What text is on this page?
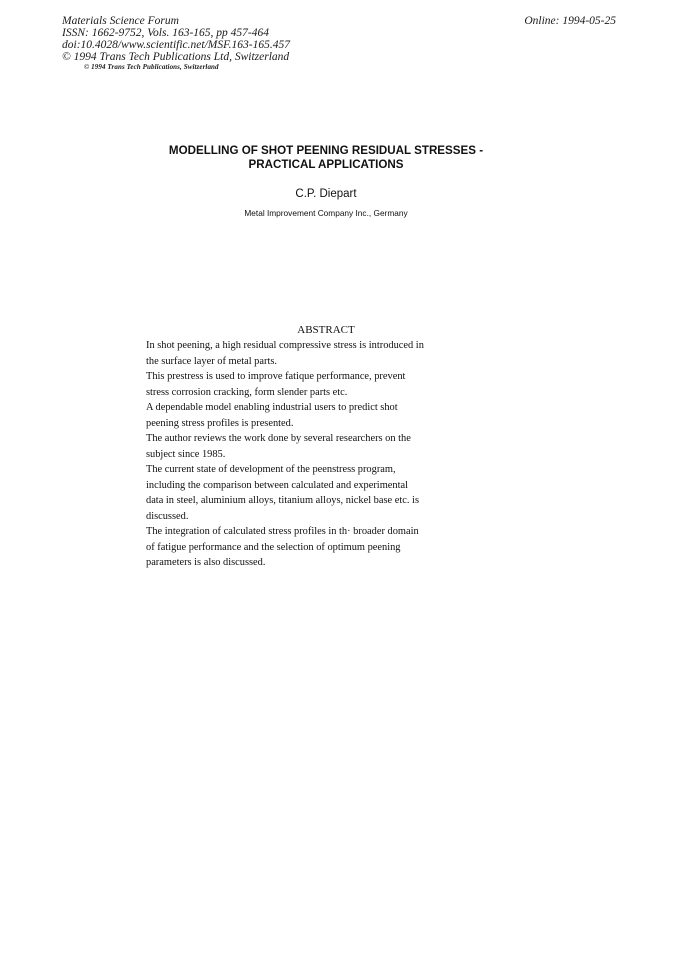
Materials Science Forum
ISSN: 1662-9752, Vols. 163-165, pp 457-464
doi:10.4028/www.scientific.net/MSF.163-165.457
© 1994 Trans Tech Publications Ltd, Switzerland
© 1994 Trans Tech Publications, Switzerland
Online: 1994-05-25
MODELLING OF SHOT PEENING RESIDUAL STRESSES -
PRACTICAL APPLICATIONS
C.P. Diepart
Metal Improvement Company Inc., Germany
ABSTRACT
In shot peening, a high residual compressive stress is introduced in
the surface layer of metal parts.
This prestress is used to improve fatique performance, prevent
stress corrosion cracking, form slender parts etc.
A dependable model enabling industrial users to predict shot
peening stress profiles is presented.
The author reviews the work done by several researchers on the
subject since 1985.
The current state of development of the peenstress program,
including the comparison between calculated and experimental
data in steel, aluminium alloys, titanium alloys, nickel base etc. is
discussed.
The integration of calculated stress profiles in th· broader domain
of fatigue performance and the selection of optimum peening
parameters is also discussed.
